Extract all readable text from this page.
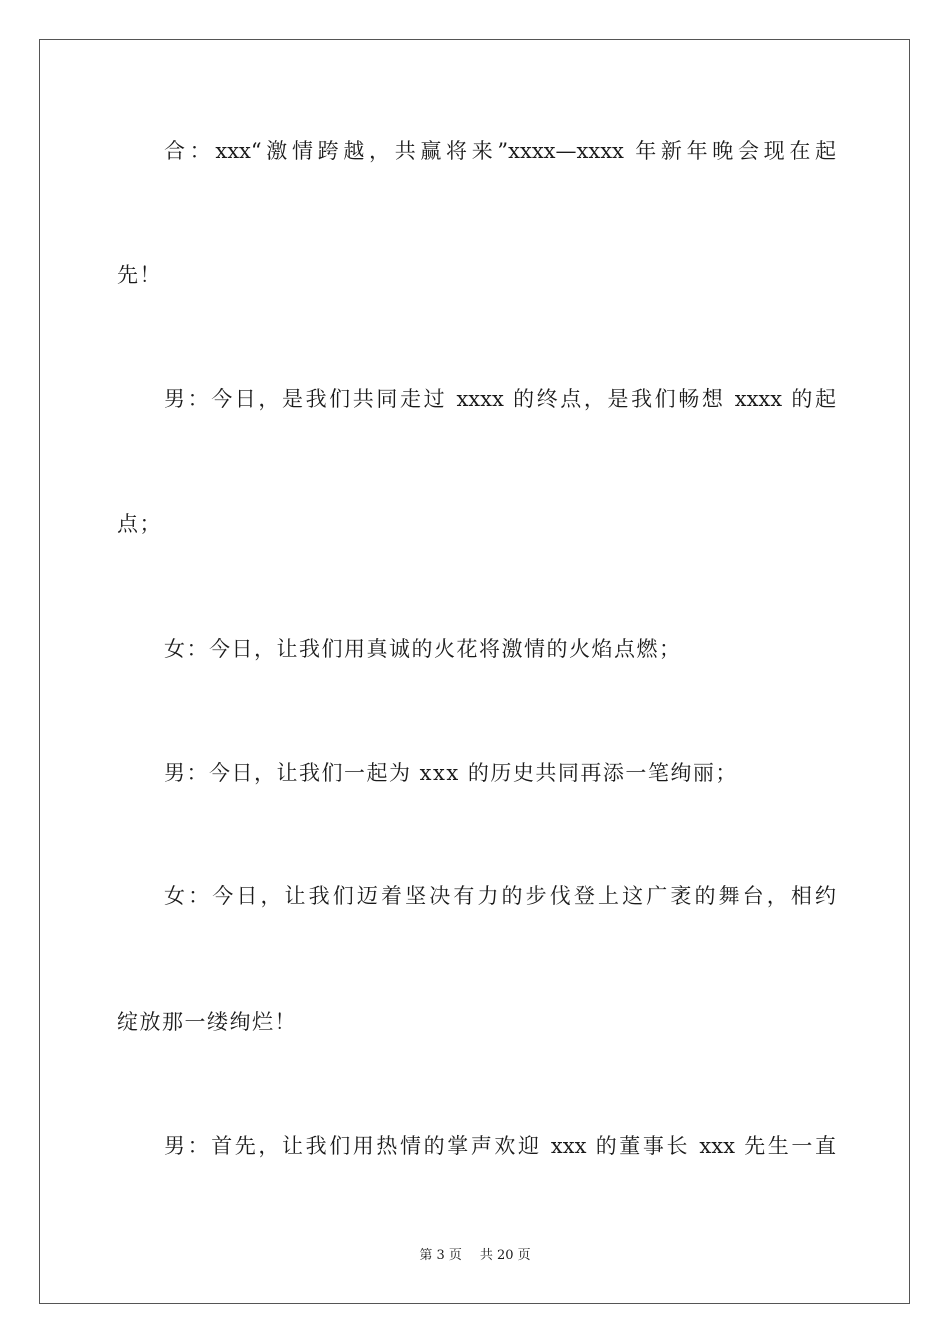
合：xxx“激情跨越，共赢将来”xxxx—xxxx 年新年晚会现在起
先！
男：今日，是我们共同走过 xxxx 的终点，是我们畅想 xxxx 的起
点；
女：今日，让我们用真诚的火花将激情的火焰点燃；
男：今日，让我们一起为 xxx 的历史共同再添一笔绚丽；
女：今日，让我们迈着坚决有力的步伐登上这广袤的舞台，相约
绽放那一缕绚烂！
男：首先，让我们用热情的掌声欢迎 xxx 的董事长 xxx 先生一直
第 3 页 共 20 页
